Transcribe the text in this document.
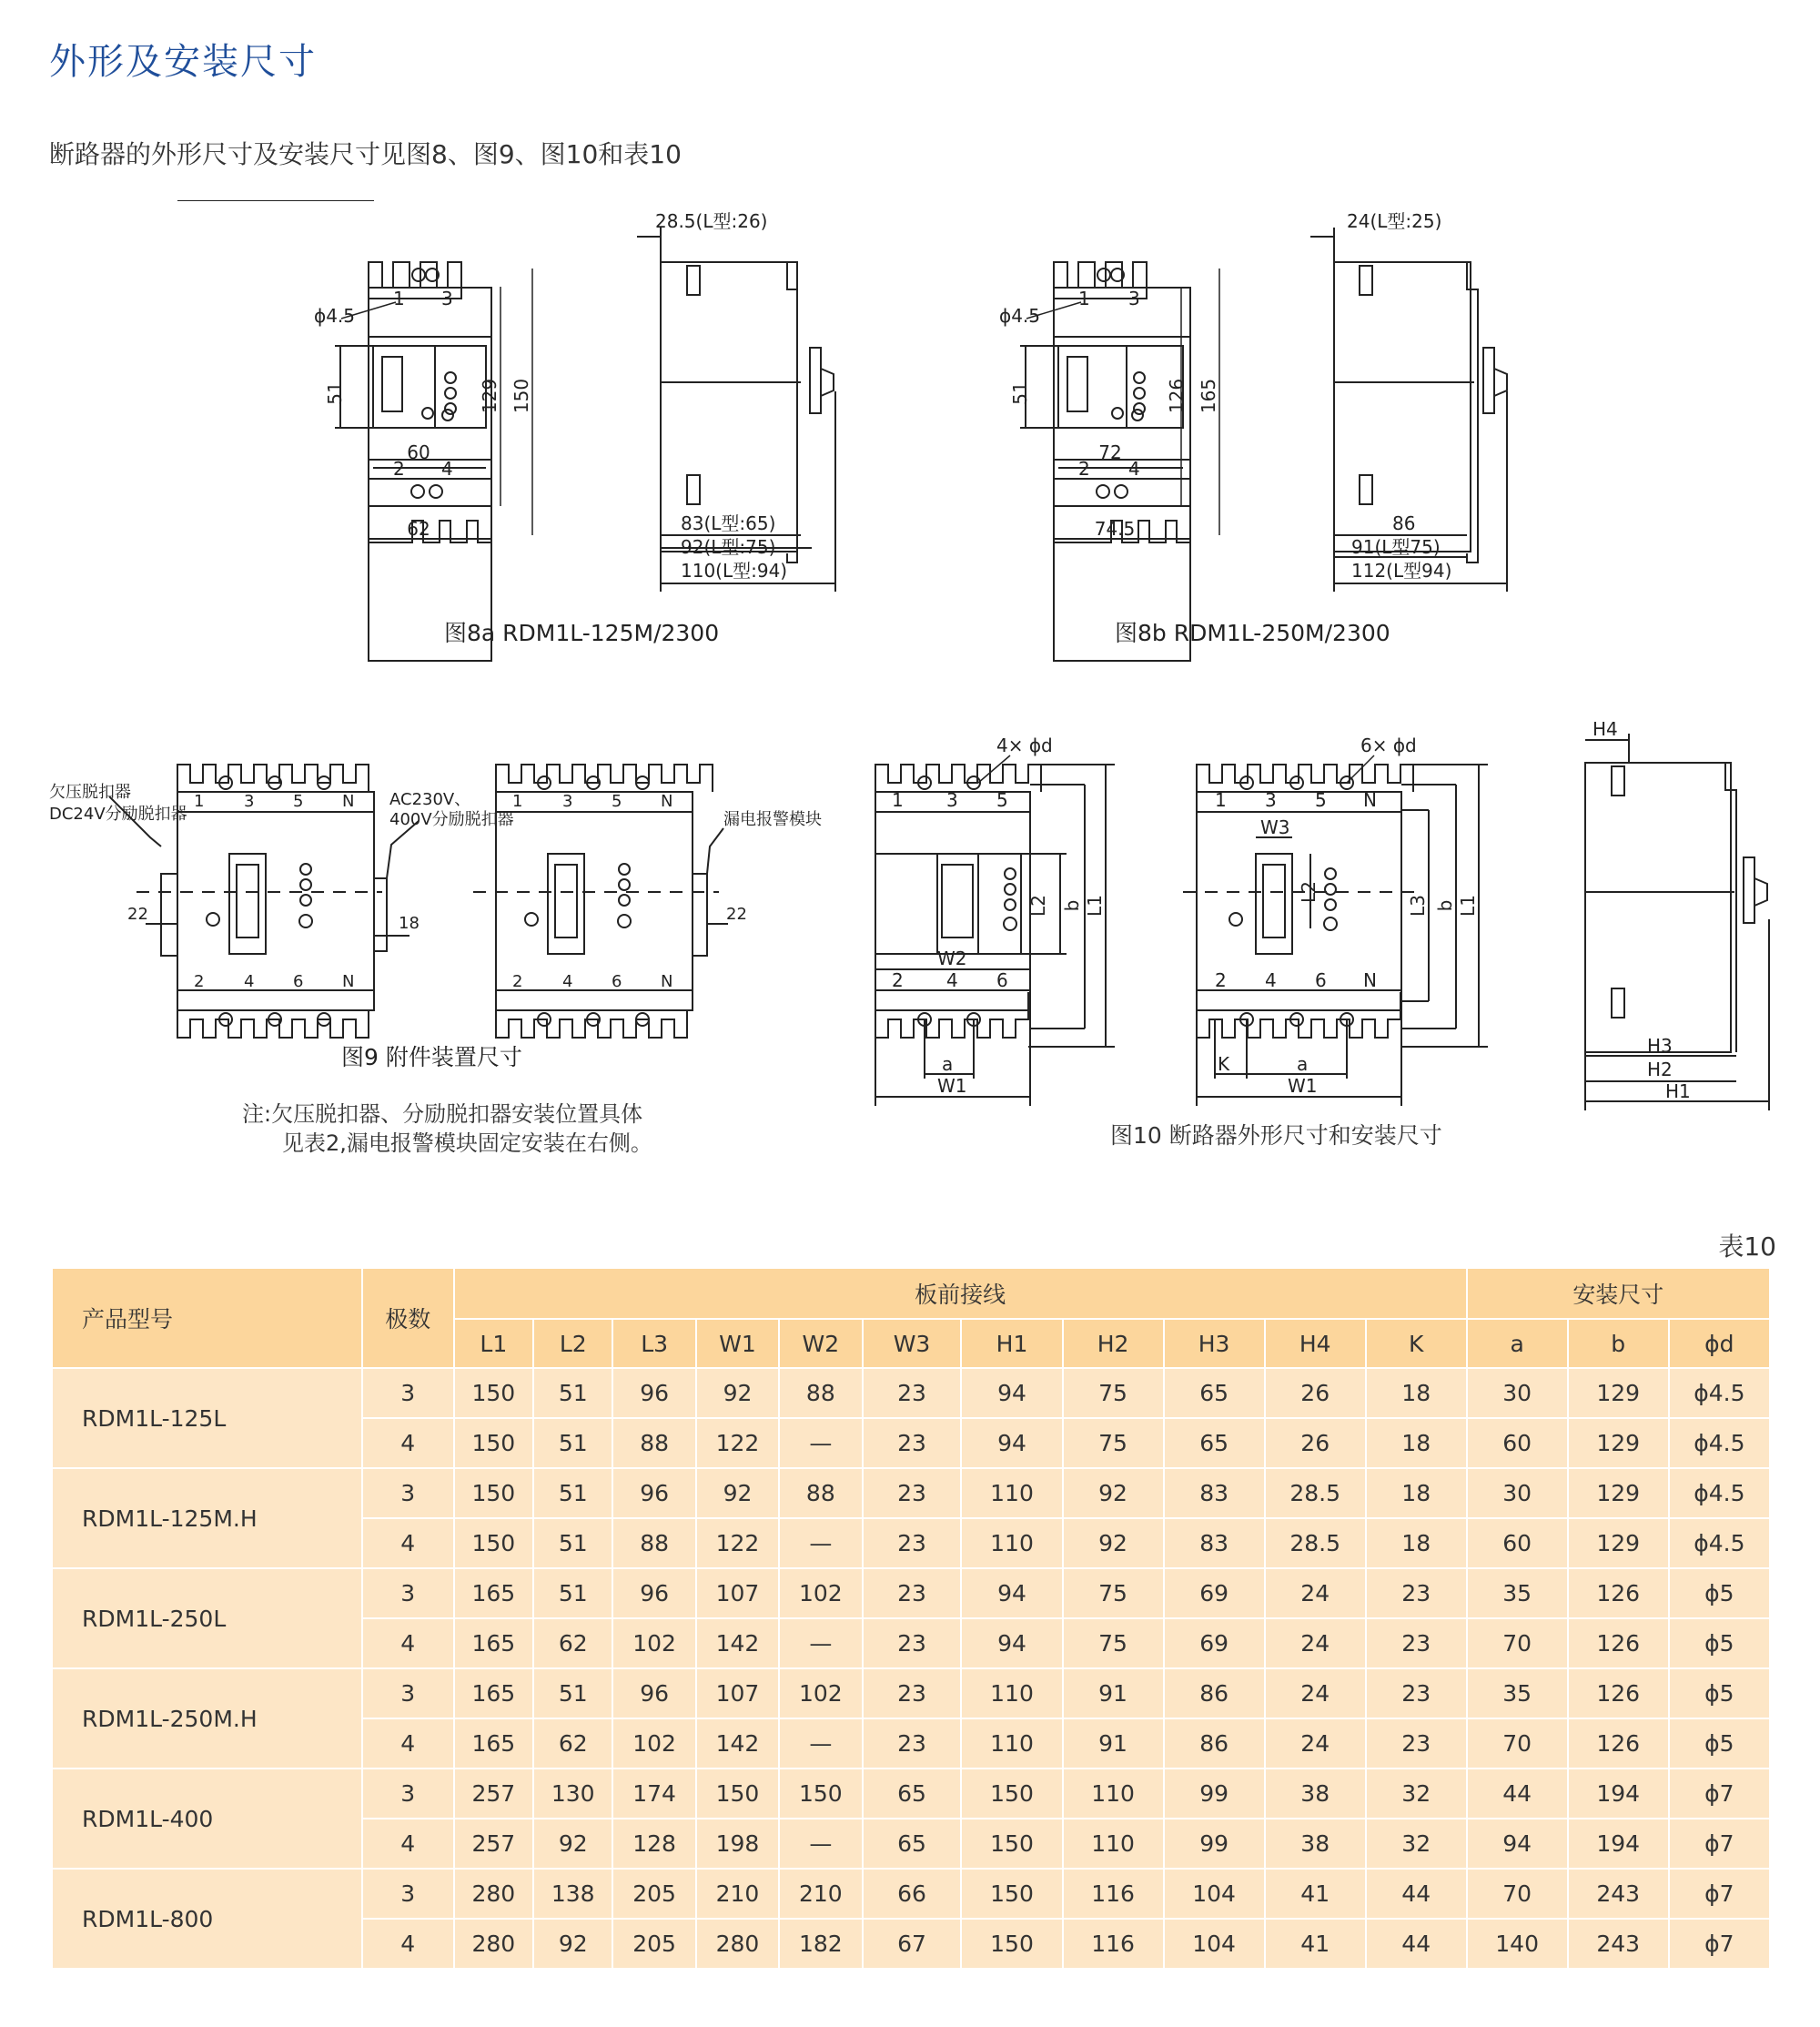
外形及安装尺寸
断路器的外形尺寸及安装尺寸见图8、图9、图10和表10
ϕ4.5
51	129 150
60
62
1 3
2 4
28.5(L型:26)
83(L型:65)
92(L型:75)
110(L型:94)
图8a RDM1L-125M/2300
ϕ4.5
51	126 165
72
74.5
1 3
2 4
24(L型:25)
86
91(L型75)
112(L型94)
图8b RDM1L-250M/2300
欠压脱扣器
DC24V分励脱扣器
AC230V、
400V分励脱扣器
22	18
1 3 5 N
2 4 6 N
漏电报警模块
22
1 3 5 N
2 4 6 N
图9 附件装置尺寸
4× ϕd
L2 b L1
W2
a
W1
1 3 5
2 4 6
6× ϕd
W3
L2
L3 b L1
K	a
W1
1 3 5 N
2 4 6 N
H4
H3
H2
H1
注:欠压脱扣器、分励脱扣器安装位置具体
见表2,漏电报警模块固定安装在右侧。	图10 断路器外形尺寸和安装尺寸
表10
产品型号	极数	板前接线											安装尺寸		
		L1	L2	L3	W1	W2	W3	H1	H2	H3	H4	K	a	b	ϕd
RDM1L-125L	3	150	51	96	92	88	23	94	75	65	26	18	30	129	ϕ4.5
	4	150	51	88	122	—	23	94	75	65	26	18	60	129	ϕ4.5
RDM1L-125M.H	3	150	51	96	92	88	23	110	92	83	28.5	18	30	129	ϕ4.5
	4	150	51	88	122	—	23	110	92	83	28.5	18	60	129	ϕ4.5
RDM1L-250L	3	165	51	96	107	102	23	94	75	69	24	23	35	126	ϕ5
	4	165	62	102	142	—	23	94	75	69	24	23	70	126	ϕ5
RDM1L-250M.H	3	165	51	96	107	102	23	110	91	86	24	23	35	126	ϕ5
	4	165	62	102	142	—	23	110	91	86	24	23	70	126	ϕ5
RDM1L-400	3	257	130	174	150	150	65	150	110	99	38	32	44	194	ϕ7
	4	257	92	128	198	—	65	150	110	99	38	32	94	194	ϕ7
RDM1L-800	3	280	138	205	210	210	66	150	116	104	41	44	70	243	ϕ7
	4	280	92	205	280	182	67	150	116	104	41	44	140	243	ϕ7
